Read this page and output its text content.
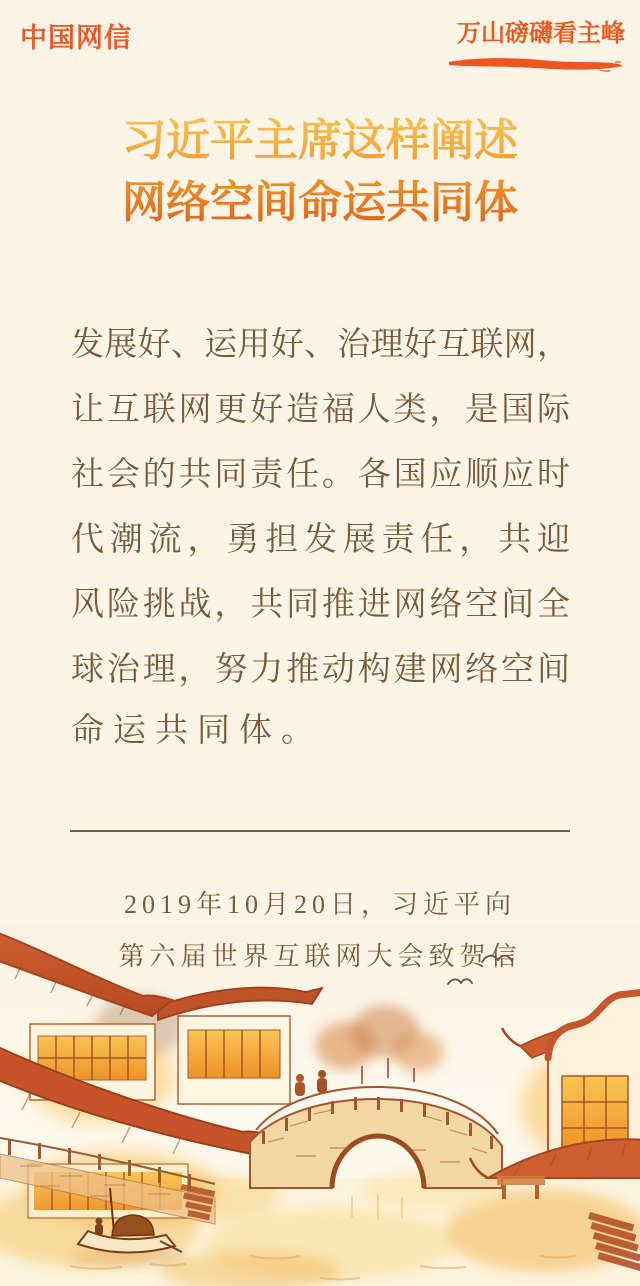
中国网信	万山磅礴看主峰
习近平主席这样阐述
网络空间命运共同体
发 展 好 、 运 用 好 、 治 理 好 互 联 网 ，
让 互 联 网 更 好 造 福 人 类 ， 是 国 际
社 会 的 共 同 责 任 。 各 国 应 顺 应 时
代 潮 流 ， 勇 担 发 展 责 任 ， 共 迎
风 险 挑 战 ， 共 同 推 进 网 络 空 间 全
球 治 理 ， 努 力 推 动 构 建 网 络 空 间
命运共同体。
2019年10月20日，习近平向
第六届世界互联网大会致贺信
